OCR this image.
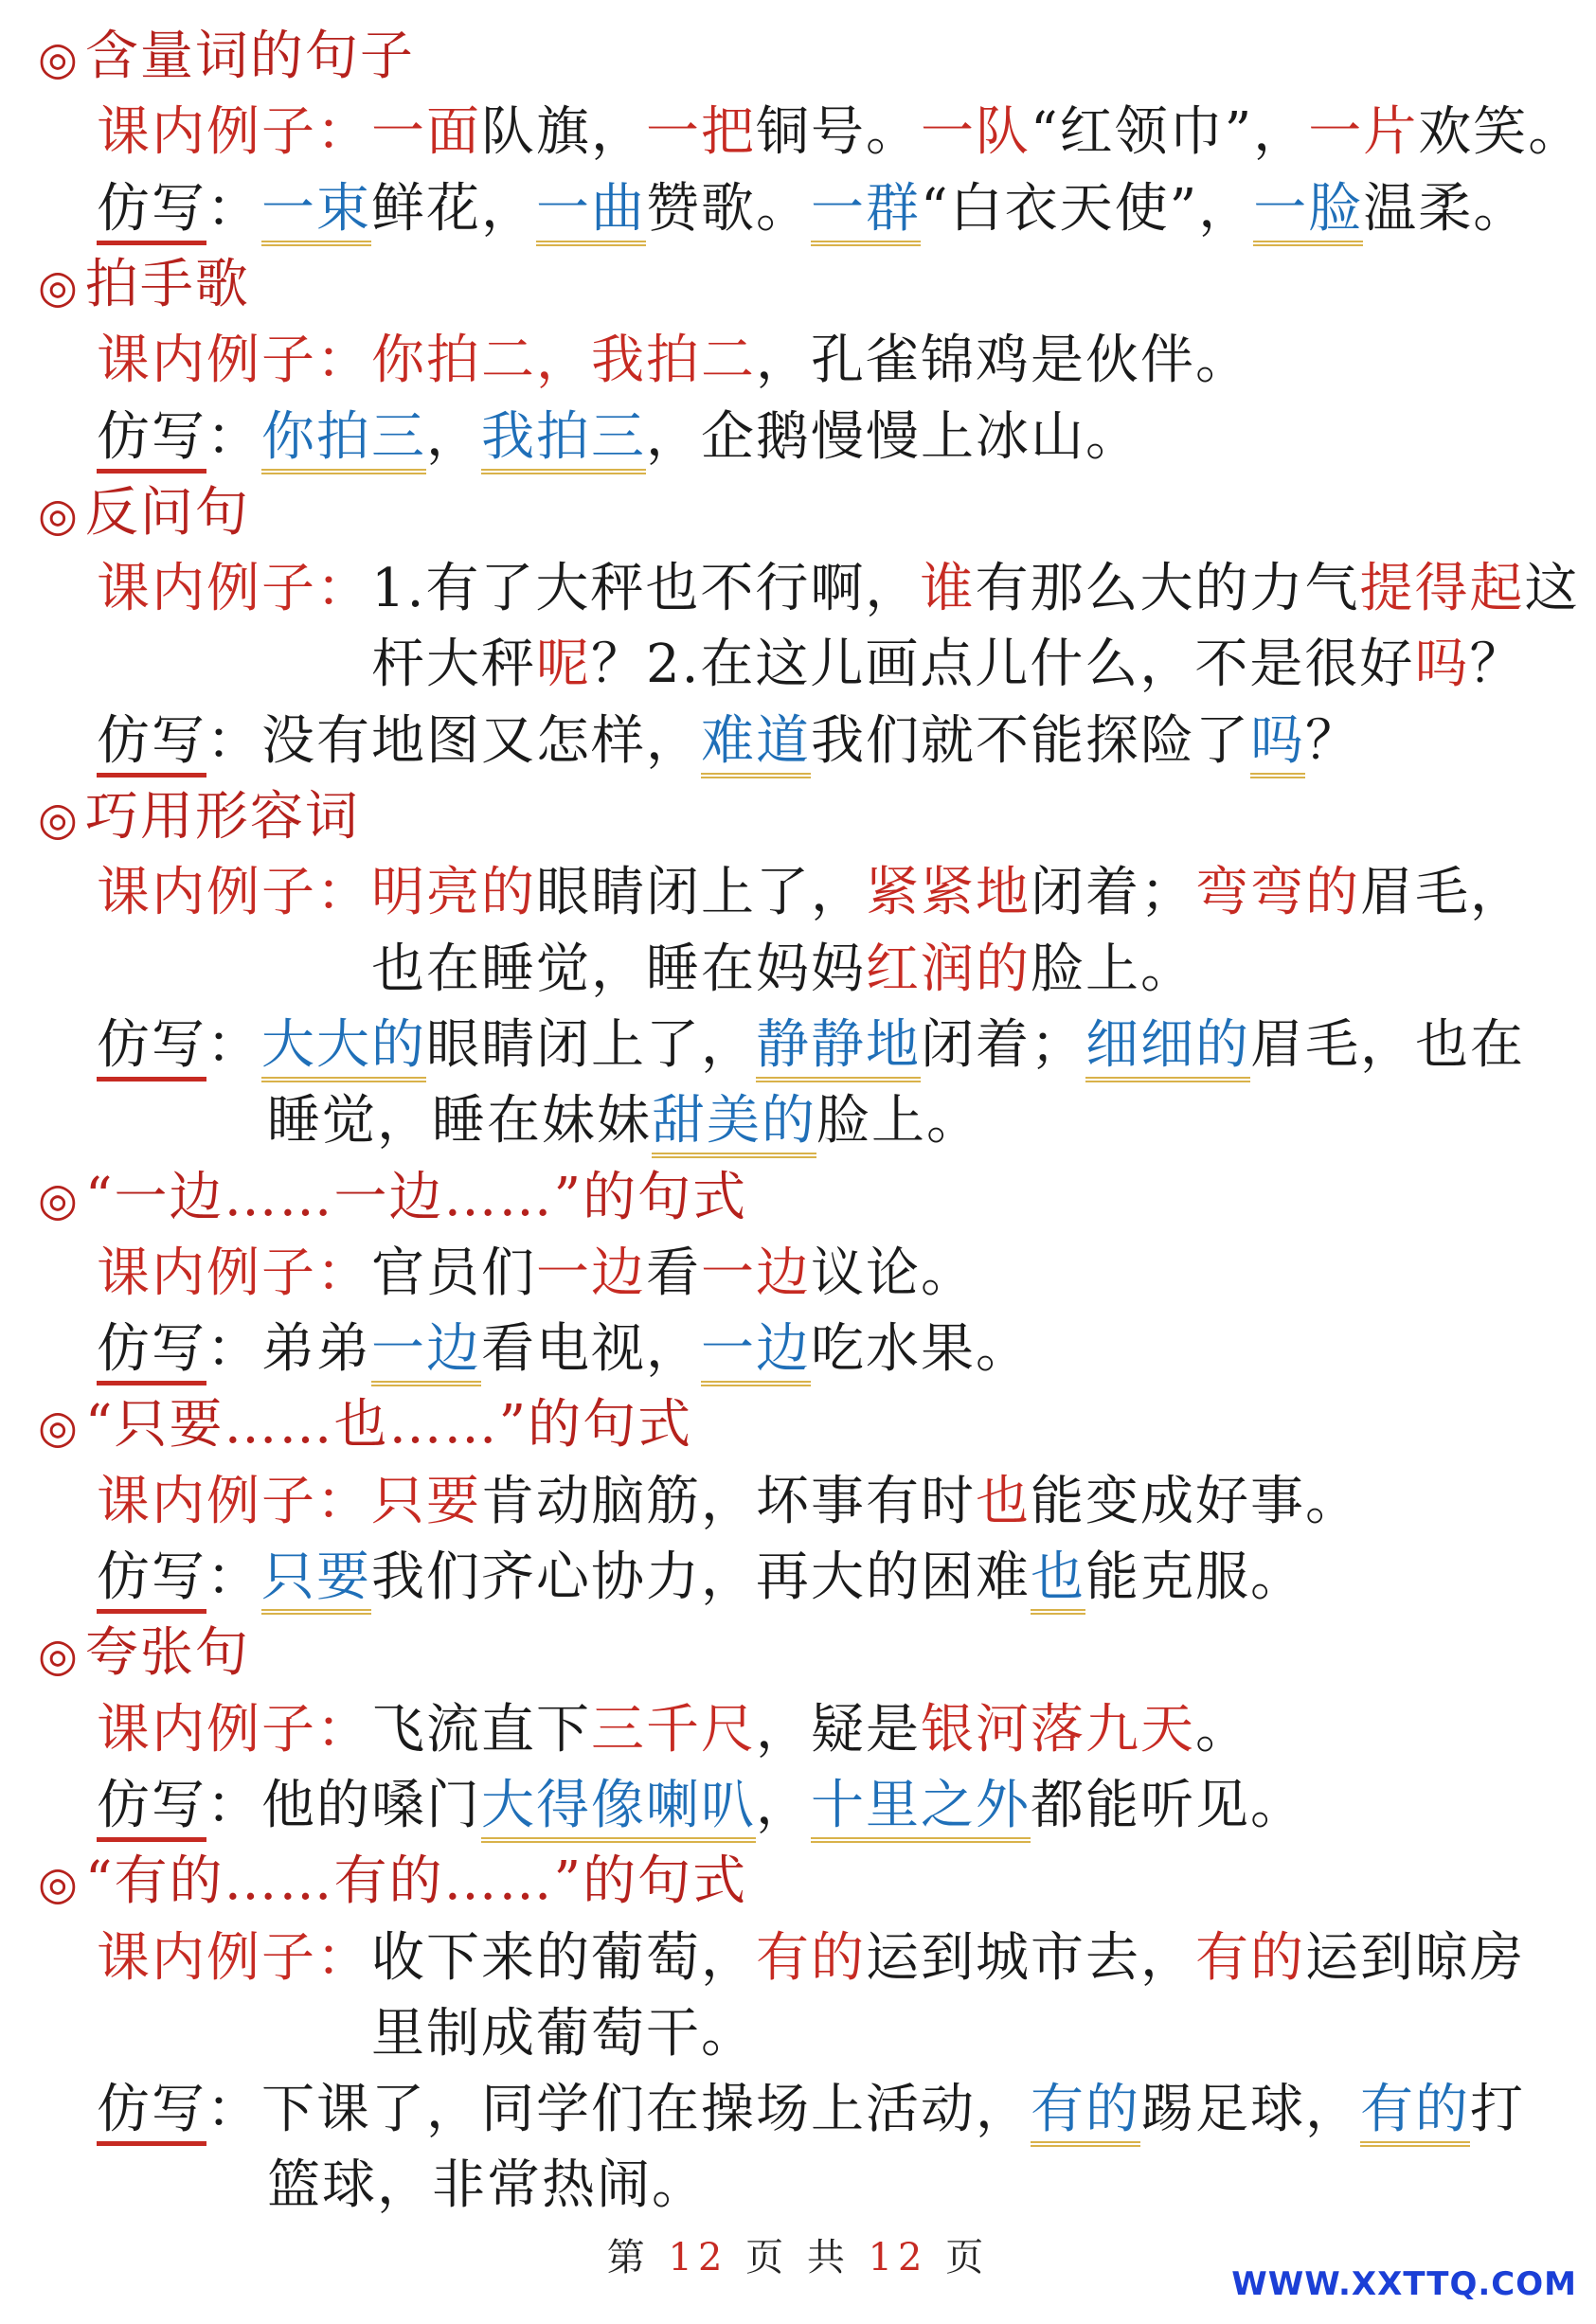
◎ 含量词的句子
课内例子：一面队旗，一把铜号。一队“红领巾”，一片欢笑。
仿写：一束鲜花，一曲赞歌。一群“白衣天使”，一脸温柔。
◎ 拍手歌
课内例子：你拍二，我拍二，孔雀锦鸡是伙伴。
仿写：你拍三，我拍三，企鹅慢慢上冰山。
◎ 反问句
课内例子：1.有了大秤也不行啊，谁有那么大的力气提得起这
杆大秤呢？2.在这儿画点儿什么，不是很好吗？
仿写：没有地图又怎样，难道我们就不能探险了吗？
◎ 巧用形容词
课内例子：明亮的眼睛闭上了，紧紧地闭着；弯弯的眉毛，
也在睡觉，睡在妈妈红润的脸上。
仿写：大大的眼睛闭上了，静静地闭着；细细的眉毛，也在
睡觉，睡在妹妹甜美的脸上。
◎ “一边……一边……”的句式
课内例子：官员们一边看一边议论。
仿写：弟弟一边看电视，一边吃水果。
◎ “只要……也……”的句式
课内例子：只要肯动脑筋，坏事有时也能变成好事。
仿写：只要我们齐心协力，再大的困难也能克服。
◎ 夸张句
课内例子：飞流直下三千尺，疑是银河落九天。
仿写：他的嗓门大得像喇叭，十里之外都能听见。
◎ “有的……有的……”的句式
课内例子：收下来的葡萄，有的运到城市去，有的运到晾房
里制成葡萄干。
仿写：下课了，同学们在操场上活动，有的踢足球，有的打
篮球，非常热闹。
第 12 页 共 12 页
WWW.XXTTQ.COM
